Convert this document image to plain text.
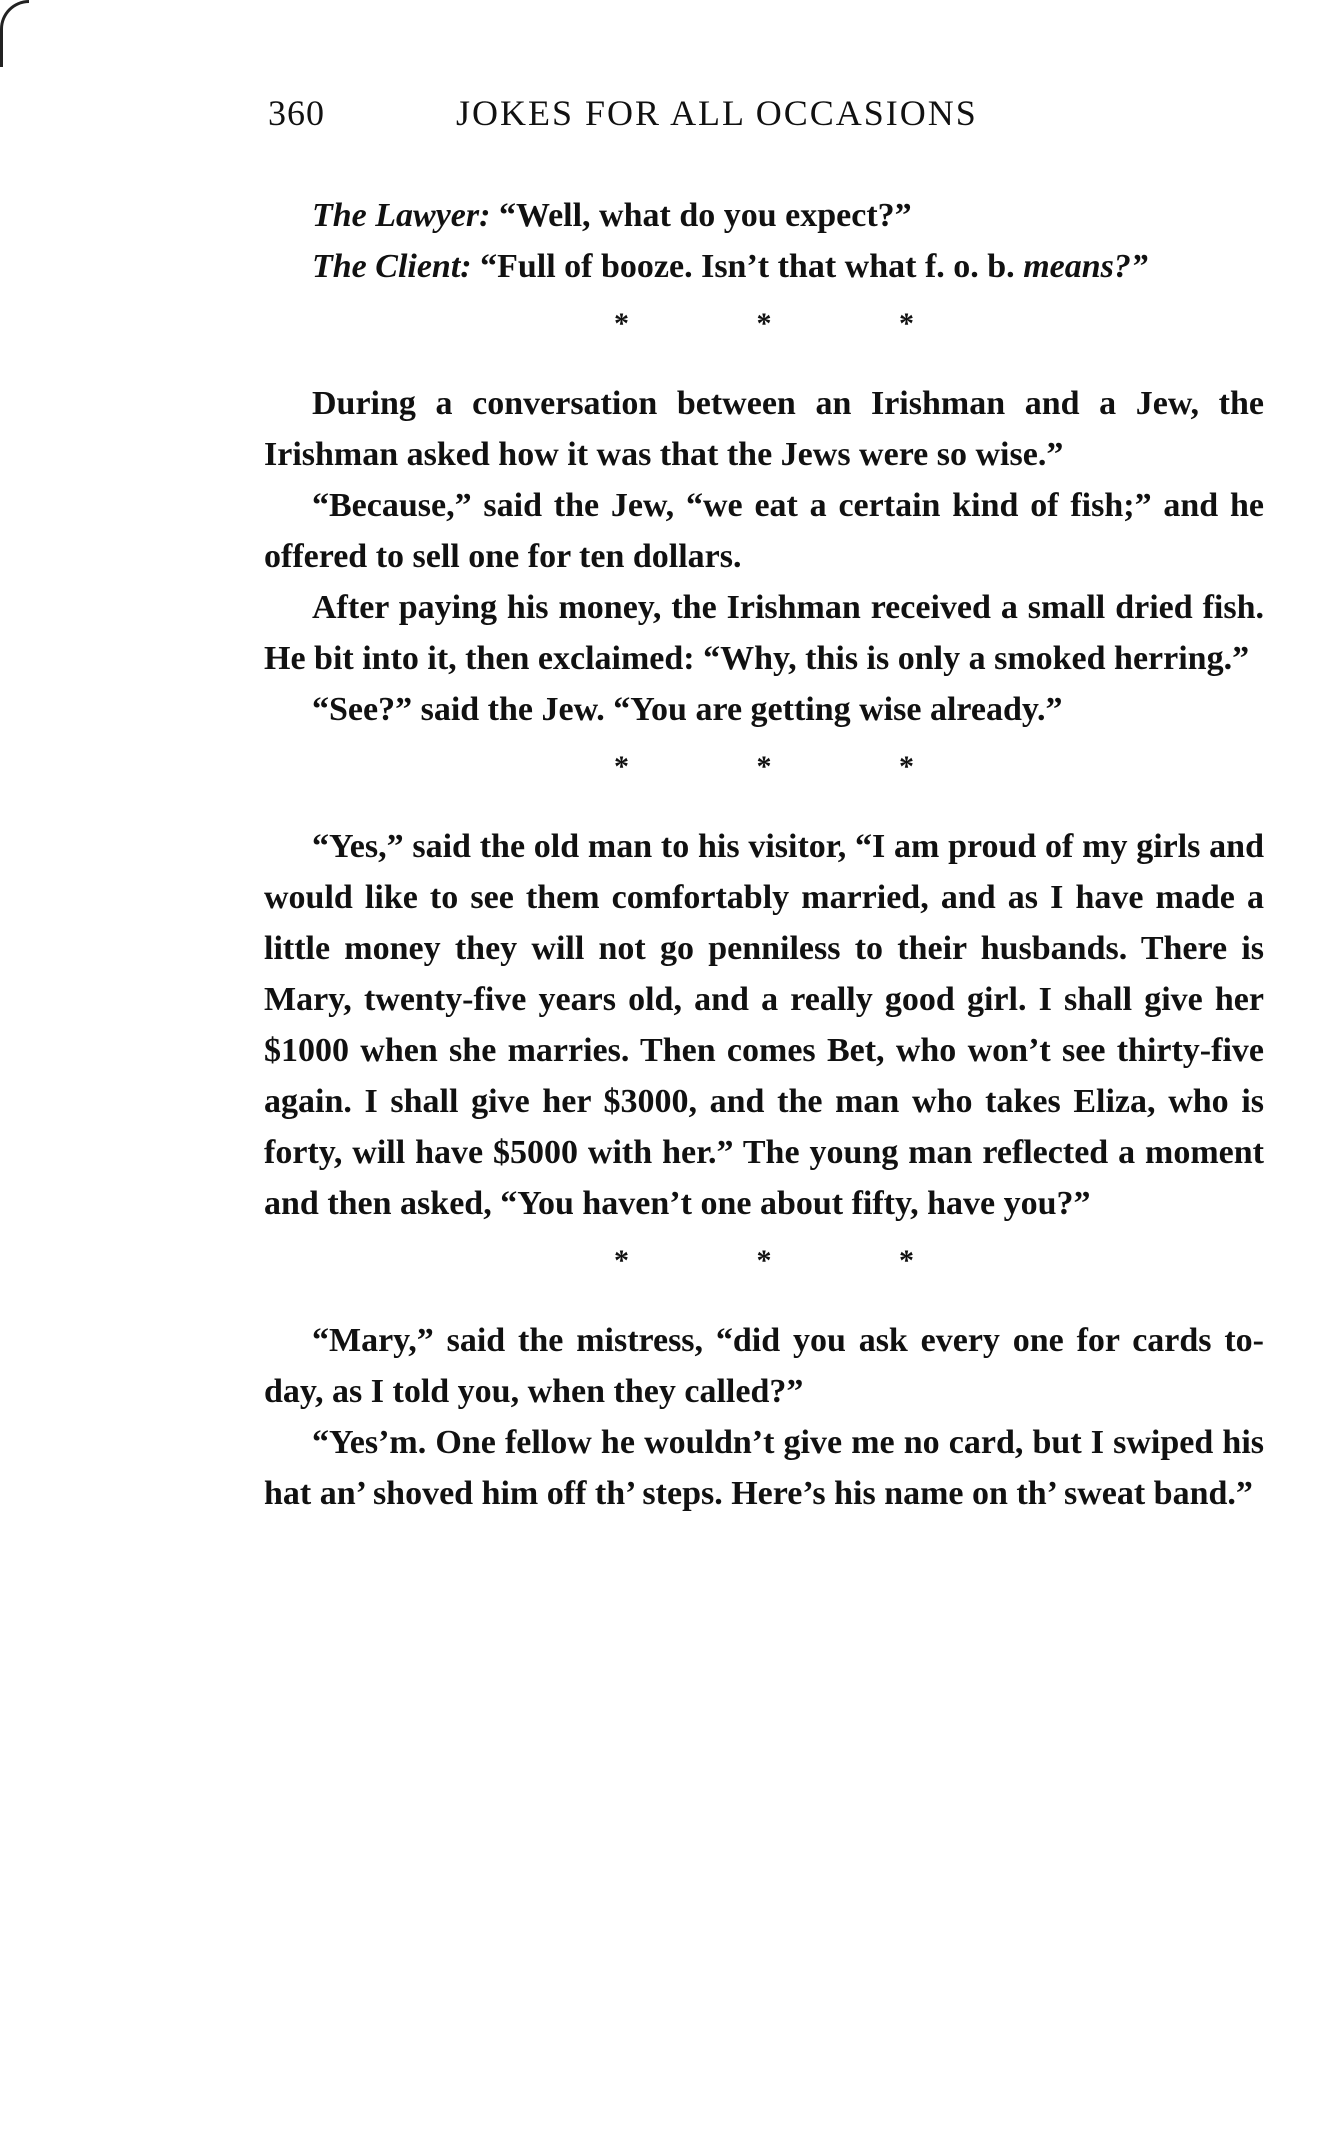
360	JOKES FOR ALL OCCASIONS

The Lawyer: “Well, what do you expect?”

The Client: “Full of booze. Isn’t that what f. o. b. means?”

* * *

During a conversation between an Irishman and a Jew, the Irishman asked how it was that the Jews were so wise.”

“Because,” said the Jew, “we eat a certain kind of fish;” and he offered to sell one for ten dollars.

After paying his money, the Irishman received a small dried fish. He bit into it, then exclaimed: “Why, this is only a smoked herring.”

“See?” said the Jew. “You are getting wise already.”

* * *

“Yes,” said the old man to his visitor, “I am proud of my girls and would like to see them comfortably married, and as I have made a little money they will not go penniless to their husbands. There is Mary, twenty-five years old, and a really good girl. I shall give her $1000 when she marries. Then comes Bet, who won’t see thirty-five again. I shall give her $3000, and the man who takes Eliza, who is forty, will have $5000 with her.” The young man reflected a moment and then asked, “You haven’t one about fifty, have you?”

* * *

“Mary,” said the mistress, “did you ask every one for cards to-day, as I told you, when they called?”

“Yes’m. One fellow he wouldn’t give me no card, but I swiped his hat an’ shoved him off th’ steps. Here’s his name on th’ sweat band.”
